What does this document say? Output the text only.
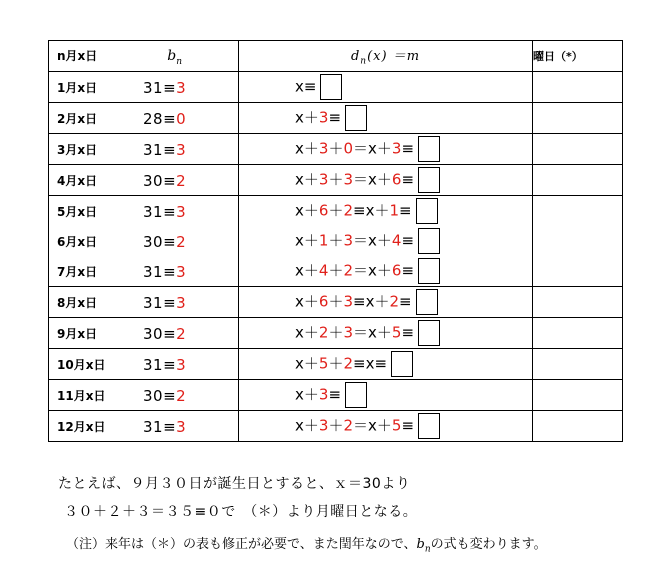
n月x日 $b_n$	$d_n(x) =m$	曜日（*）
1月x日 31≡3	x≡	
2月x日 28≡0	x＋3≡	
3月x日 31≡3	x＋3＋0＝x＋3≡	
4月x日 30≡2	x＋3＋3＝x＋6≡	
5月x日 31≡3	x＋6＋2≡x＋1≡	
6月x日 30≡2	x＋1＋3＝x＋4≡	
7月x日 31≡3	x＋4＋2＝x＋6≡	
8月x日 31≡3	x＋6＋3≡x＋2≡	
9月x日 30≡2	x＋2＋3＝x＋5≡	
10月x日 31≡3	x＋5＋2≡x≡	
11月x日 30≡2	x＋3≡	
12月x日 31≡3	x＋3＋2＝x＋5≡	
たとえば、９月３０日が誕生日とすると、ｘ＝30より
３０＋２＋３＝３５≡０で　（＊）より月曜日となる。
（注）来年は（＊）の表も修正が必要で、また閏年なので、$b_n$の式も変わります。
